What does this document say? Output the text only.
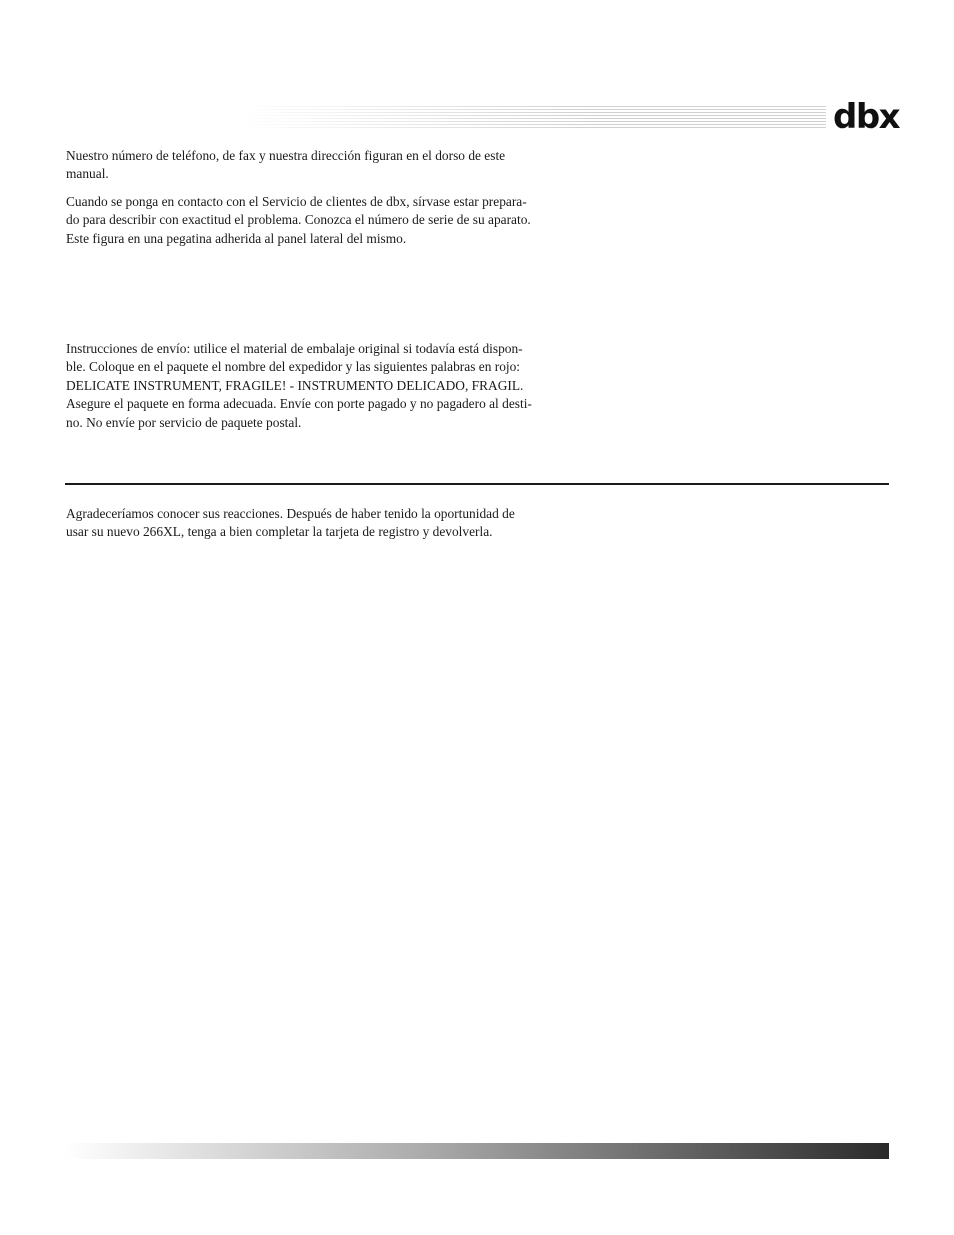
dbx

Nuestro número de teléfono, de fax y nuestra dirección figuran en el dorso de este
manual.

Cuando se ponga en contacto con el Servicio de clientes de dbx, sírvase estar prepara-
do para describir con exactitud el problema. Conozca el número de serie de su aparato.
Este figura en una pegatina adherida al panel lateral del mismo.

Instrucciones de envío: utilice el material de embalaje original si todavía está dispon-
ble. Coloque en el paquete el nombre del expedidor y las siguientes palabras en rojo:
DELICATE INSTRUMENT, FRAGILE! - INSTRUMENTO DELICADO, FRAGIL.
Asegure el paquete en forma adecuada. Envíe con porte pagado y no pagadero al desti-
no. No envíe por servicio de paquete postal.

Agradeceríamos conocer sus reacciones. Después de haber tenido la oportunidad de
usar su nuevo 266XL, tenga a bien completar la tarjeta de registro y devolverla.
